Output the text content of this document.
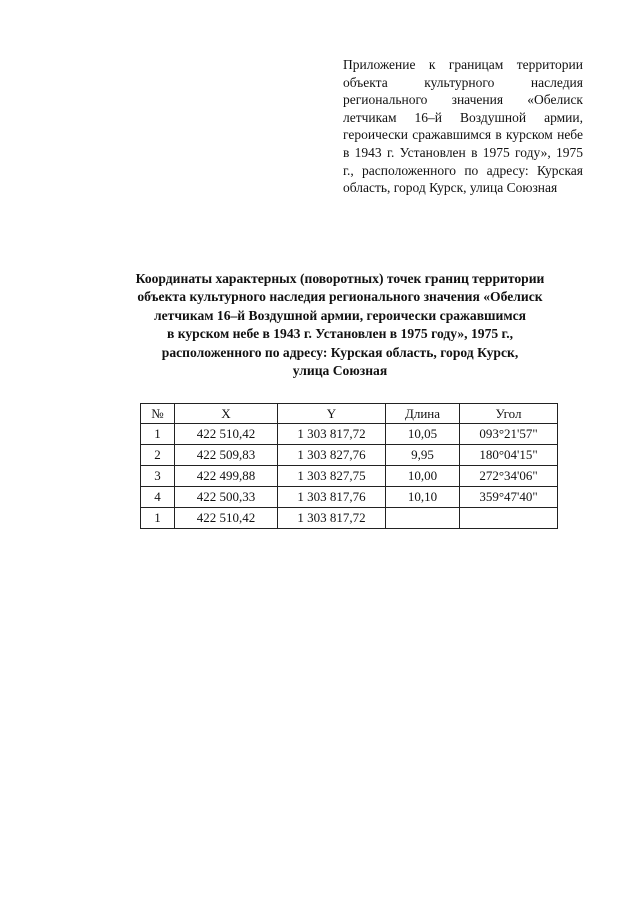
Приложение к границам территории объекта культурного наследия регионального значения «Обелиск летчикам 16–й Воздушной армии, героически сражавшимся в курском небе в 1943 г. Установлен в 1975 году», 1975 г., расположенного по адресу: Курская область, город Курск, улица Союзная
Координаты характерных (поворотных) точек границ территории
объекта культурного наследия регионального значения «Обелиск
летчикам 16–й Воздушной армии, героически сражавшимся
в курском небе в 1943 г. Установлен в 1975 году», 1975 г.,
расположенного по адресу: Курская область, город Курск,
улица Союзная
№	X	Y	Длина	Угол
1	422 510,42	1 303 817,72	10,05	093°21'57"
2	422 509,83	1 303 827,76	9,95	180°04'15"
3	422 499,88	1 303 827,75	10,00	272°34'06"
4	422 500,33	1 303 817,76	10,10	359°47'40"
1	422 510,42	1 303 817,72		
